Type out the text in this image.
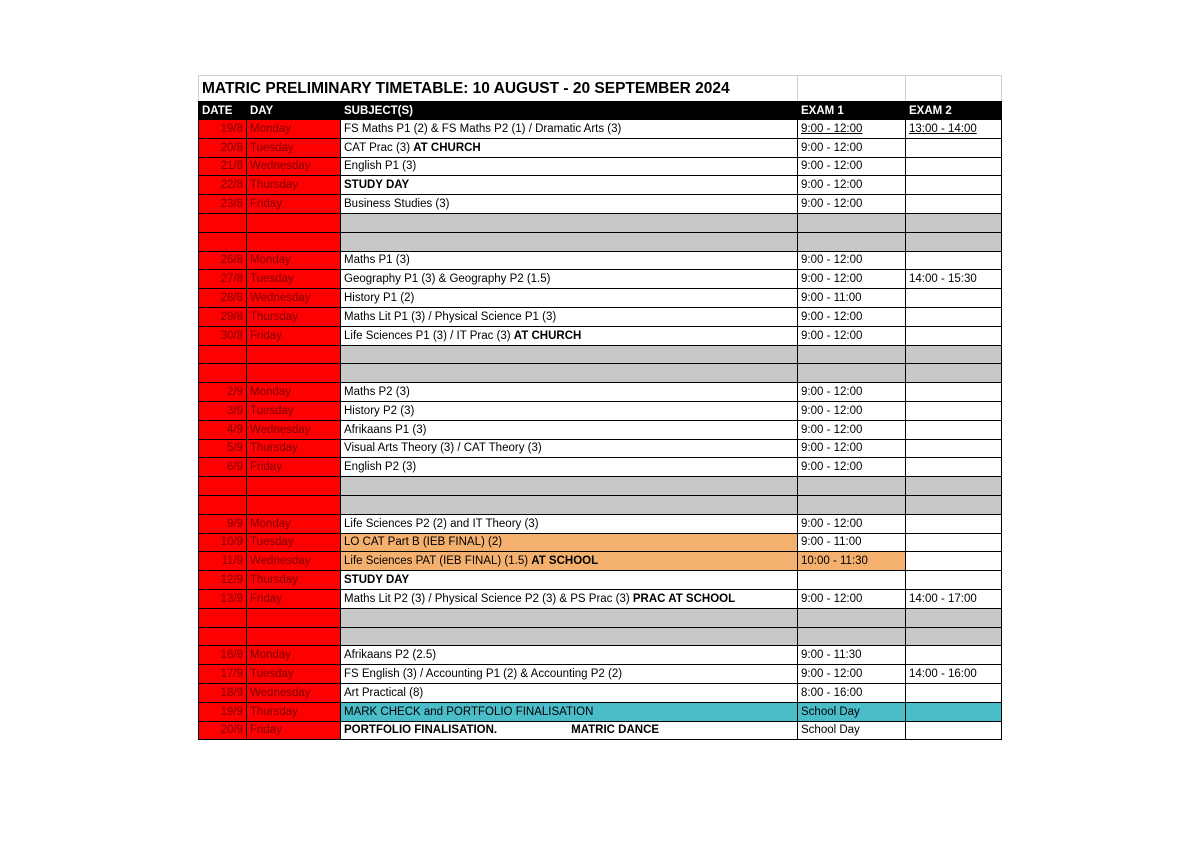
MATRIC PRELIMINARY TIMETABLE: 10 AUGUST - 20 SEPTEMBER 2024				
DATE	DAY	SUBJECT(S)	EXAM 1	EXAM 2
19/8	Monday	FS Maths P1 (2) & FS Maths P2 (1) / Dramatic Arts (3)	9:00 - 12:00	13:00 - 14:00
20/8	Tuesday	CAT Prac (3) AT CHURCH	9:00 - 12:00	
21/8	Wednesday	English P1 (3)	9:00 - 12:00	
22/8	Thursday	STUDY DAY	9:00 - 12:00	
23/8	Friday	Business Studies (3)	9:00 - 12:00	

26/8	Monday	Maths P1 (3)	9:00 - 12:00	
27/8	Tuesday	Geography P1 (3) & Geography P2 (1.5)	9:00 - 12:00	14:00 - 15:30
28/8	Wednesday	History P1 (2)	9:00 - 11:00	
29/8	Thursday	Maths Lit P1 (3) / Physical Science P1 (3)	9:00 - 12:00	
30/8	Friday	Life Sciences P1 (3) / IT Prac (3) AT CHURCH	9:00 - 12:00	

2/9	Monday	Maths P2 (3)	9:00 - 12:00	
3/9	Tuesday	History P2 (3)	9:00 - 12:00	
4/9	Wednesday	Afrikaans P1 (3)	9:00 - 12:00	
5/9	Thursday	Visual Arts Theory (3) / CAT Theory (3)	9:00 - 12:00	
6/9	Friday	English P2 (3)	9:00 - 12:00	

9/9	Monday	Life Sciences P2 (2) and IT Theory (3)	9:00 - 12:00	
10/9	Tuesday	LO CAT Part B (IEB FINAL) (2)	9:00 - 11:00	
11/9	Wednesday	Life Sciences PAT (IEB FINAL) (1.5) AT SCHOOL	10:00 - 11:30	
12/9	Thursday	STUDY DAY		
13/9	Friday	Maths Lit P2 (3) / Physical Science P2 (3) & PS Prac (3) PRAC AT SCHOOL	9:00 - 12:00	14:00 - 17:00

16/9	Monday	Afrikaans P2 (2.5)	9:00 - 11:30	
17/9	Tuesday	FS English (3) / Accounting P1 (2) & Accounting P2 (2)	9:00 - 12:00	14:00 - 16:00
18/9	Wednesday	Art Practical (8)	8:00 - 16:00	
19/9	Thursday	MARK CHECK and PORTFOLIO FINALISATION	School Day	
20/9	Friday	PORTFOLIO FINALISATION. MATRIC DANCE	School Day	
